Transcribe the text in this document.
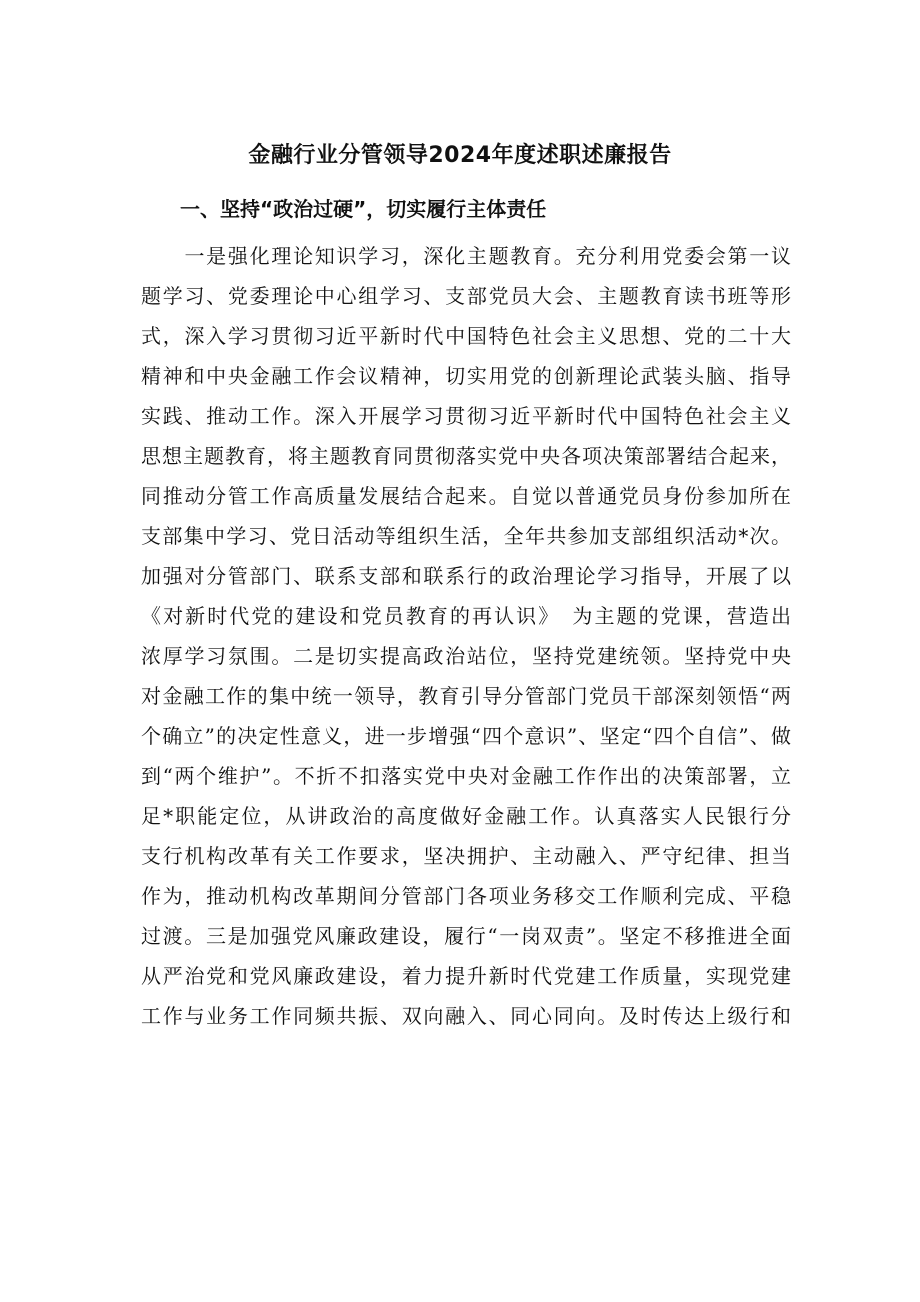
金融行业分管领导2024年度述职述廉报告
一、坚持“政治过硬”，切实履行主体责任
　　一是强化理论知识学习，深化主题教育。充分利用党委会第一议
题学习、党委理论中心组学习、支部党员大会、主题教育读书班等形
式，深入学习贯彻习近平新时代中国特色社会主义思想、党的二十大
精神和中央金融工作会议精神，切实用党的创新理论武装头脑、指导
实践、推动工作。深入开展学习贯彻习近平新时代中国特色社会主义
思想主题教育，将主题教育同贯彻落实党中央各项决策部署结合起来，
同推动分管工作高质量发展结合起来。自觉以普通党员身份参加所在
支部集中学习、党日活动等组织生活，全年共参加支部组织活动*次。
加强对分管部门、联系支部和联系行的政治理论学习指导，开展了以
《对新时代党的建设和党员教育的再认识》　为主题的党课，营造出
浓厚学习氛围。二是切实提高政治站位，坚持党建统领。坚持党中央
对金融工作的集中统一领导，教育引导分管部门党员干部深刻领悟“两
个确立”的决定性意义，进一步增强“四个意识”、坚定“四个自信”、做
到“两个维护”。不折不扣落实党中央对金融工作作出的决策部署，立
足*职能定位，从讲政治的高度做好金融工作。认真落实人民银行分
支行机构改革有关工作要求，坚决拥护、主动融入、严守纪律、担当
作为，推动机构改革期间分管部门各项业务移交工作顺利完成、平稳
过渡。三是加强党风廉政建设，履行“一岗双责”。坚定不移推进全面
从严治党和党风廉政建设，着力提升新时代党建工作质量，实现党建
工作与业务工作同频共振、双向融入、同心同向。及时传达上级行和
